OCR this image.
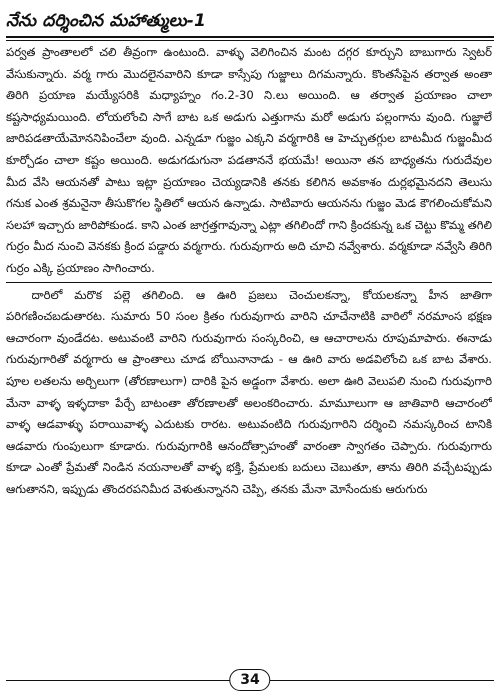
నేను దర్శించిన మహాత్ములు-1

పర్వత ప్రాంతాలలో చలి తీవ్రంగా ఉంటుంది. వాళ్ళు వెలిగించిన మంట దగ్గర కూర్చుని బాబుగారు స్వెటర్ వేసుకున్నారు. వర్మ గారు మొదలైనవారిని కూడా కాస్సేపు గుజ్జాలు దిగమన్నారు. కొంతసేపైన తర్వాత అంతా తిరిగి ప్రయాణ మయ్యేసరికి మధ్యాహ్నం గం.2-30 ని.లు అయింది. ఆ తర్వాత ప్రయాణం చాలా కష్టసాధ్యమయింది. లోయలోంచి సాగే బాట ఒక అడుగు ఎత్తుగాను మరో అడుగు పల్లంగాను వుంది. గుజ్జాలే జారిపడతాయేమోననిపించేలా వుంది. ఎన్నడూ గుజ్జం ఎక్కని వర్మగారికి ఆ హెచ్చుతగ్గుల బాటమీద గుజ్జంమీద కూర్చోడం చాలా కష్టం అయింది. అడుగడుగునా పడతాననే భయమే! అయినా తన బాధ్యతను గురుదేవుల మీద వేసి ఆయనతో పాటు ఇట్లా ప్రయాణం చెయ్యడానికి తనకు కలిగిన అవకాశం దుర్లభమైనదని తెలుసు గనుక ఎంత శ్రమనైనా తీసుకొగల స్థితిలో ఆయన ఉన్నాడు. సాటివారు ఆయనను గుజ్జం మెడ కౌగలించుకోమని సలహా ఇచ్చారు జారిపోకుండ. కాని ఎంత జాగ్రత్తగావున్నా ఎట్లా తగిలిందో గాని క్రిందకున్న ఒక చెట్టు కొమ్మ తగిలి గుర్రం మీద నుంచి వెనకకు క్రింద పడ్డారు వర్మగారు. గురువుగారు అది చూచి నవ్వేశారు. వర్మకూడా నవ్వేసి తిరిగి గుర్రం ఎక్కి ప్రయాణం సాగించారు.

దారిలో మరొక పల్లె తగిలింది. ఆ ఊరి ప్రజలు చెంచులకన్నా, కోయలకన్నా హీన జాతిగా పరిగణించబడుతారట. సుమారు 50 సంల క్రితం గురువుగారు వారిని చూచేనాటికి వారిలో నరమాంస భక్షణ ఆచారంగా వుండేదట. అటువంటి వారిని గురువుగారు సంస్కరించి, ఆ ఆచారాలను రూపుమాపారు. ఈనాడు గురువుగారితో వర్మగారు ఆ ప్రాంతాలు చూడ బోయినానాడు - ఆ ఊరి వారు అడవిలోంచి ఒక బాట వేశారు. పూల లతలను అర్చిలుగా (తోరణాలుగా) దారికి పైన అడ్డంగా వేశారు. అలా ఊరి వెలుపలి నుంచి గురువుగారి మేనా వాళ్ళ ఇళ్ళదాకా పేర్చే బాటంతా తోరణాలతో అలంకరించారు. మామూలుగా ఆ జాతివారి ఆచారంలో వాళ్ళ ఆడవాళ్ళు పరాయివాళ్ళ ఎదుటకు రారట. అటువంటిది గురువుగారిని దర్శించి నమస్కరించ టానికి ఆడవారు గుంపులుగా కూడారు. గురువుగారికి ఆనందోత్సాహంతో వారంతా స్వాగతం చెప్పారు. గురువుగారు కూడా ఎంతో ప్రేమతో నిండిన నయనాలతో వాళ్ళ భక్తి, ప్రేమలకు బదులు చెబుతూ, తాను తిరిగి వచ్చేటప్పుడు ఆగుతానని, ఇప్పుడు తొందరపనిమీద వెళుతున్నానని చెప్పి, తనకు మేనా మోసేందుకు ఆరుగురు

34
